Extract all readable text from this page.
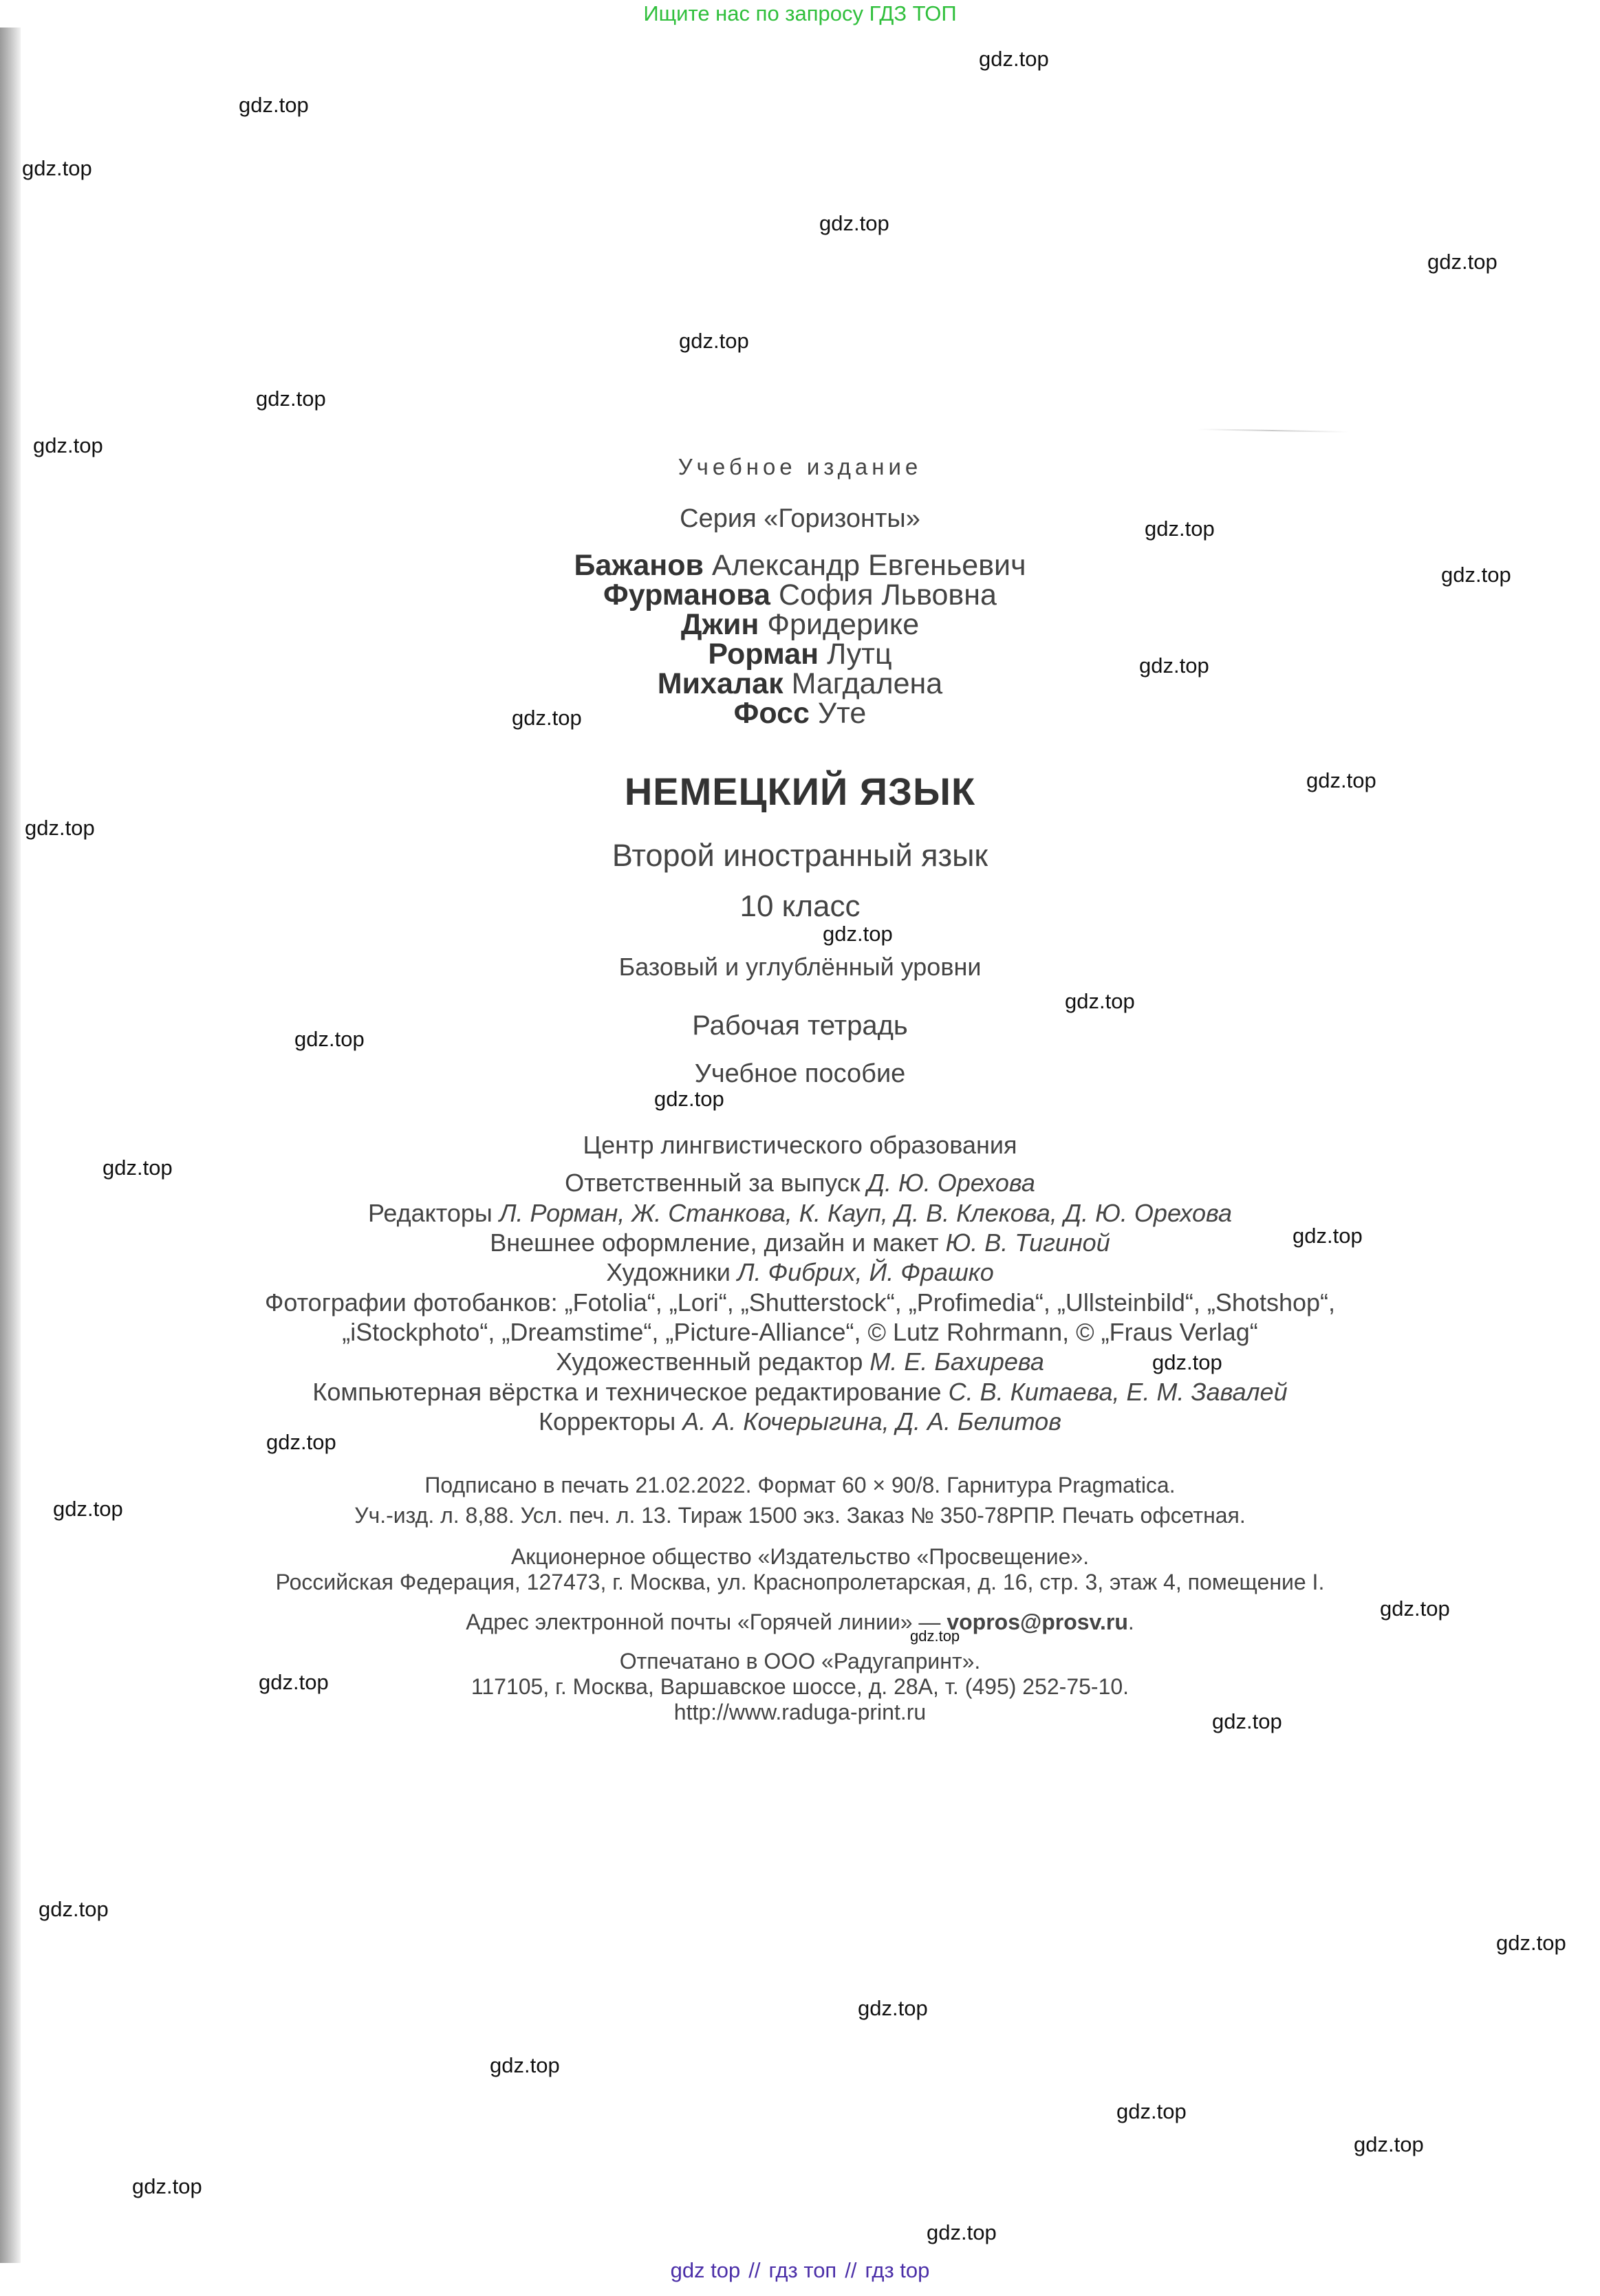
Ищите нас по запросу ГДЗ ТОП
gdz.top
gdz.top
gdz.top
gdz.top
gdz.top
gdz.top
gdz.top
gdz.top
gdz.top
gdz.top
gdz.top
gdz.top
gdz.top
gdz.top
gdz.top
gdz.top
gdz.top
gdz.top
gdz.top
gdz.top
gdz.top
gdz.top
gdz.top
gdz.top
gdz.top
gdz.top
gdz.top
gdz.top
gdz.top
gdz.top
gdz.top
gdz.top
gdz.top
gdz.top
gdz.top
Учебное издание
Серия «Горизонты»
Бажанов Александр Евгеньевич
Фурманова София Львовна
Джин Фридерике
Рорман Лутц
Михалак Магдалена
Фосс Уте
НЕМЕЦКИЙ ЯЗЫК
Второй иностранный язык
10 класс
Базовый и углублённый уровни
Рабочая тетрадь
Учебное пособие
Центр лингвистического образования
Ответственный за выпуск Д. Ю. Орехова
Редакторы Л. Рорман, Ж. Станкова, К. Кауп, Д. В. Клекова, Д. Ю. Орехова
Внешнее оформление, дизайн и макет Ю. В. Тигиной
Художники Л. Фибрих, Й. Фрашко
Фотографии фотобанков: „Fotolia“, „Lori“, „Shutterstock“, „Profimedia“, „Ullsteinbild“, „Shotshop“,
„iStockphoto“, „Dreamstime“, „Picture-Alliance“, © Lutz Rohrmann, © „Fraus Verlag“
Художественный редактор М. Е. Бахирева
Компьютерная вёрстка и техническое редактирование С. В. Китаева, Е. М. Завалей
Корректоры А. А. Кочерыгина, Д. А. Белитов
Подписано в печать 21.02.2022. Формат 60 × 90/8. Гарнитура Pragmatica.
Уч.-изд. л. 8,88. Усл. печ. л. 13. Тираж 1500 экз. Заказ № 350-78РПР. Печать офсетная.
Акционерное общество «Издательство «Просвещение».
Российская Федерация, 127473, г. Москва, ул. Краснопролетарская, д. 16, стр. 3, этаж 4, помещение I.
Адрес электронной почты «Горячей линии» — vopros@prosv.ru.
Отпечатано в ООО «Радугапринт».
117105, г. Москва, Варшавское шоссе, д. 28А, т. (495) 252-75-10.
http://www.raduga-print.ru
gdz top // гдз топ // гдз top
